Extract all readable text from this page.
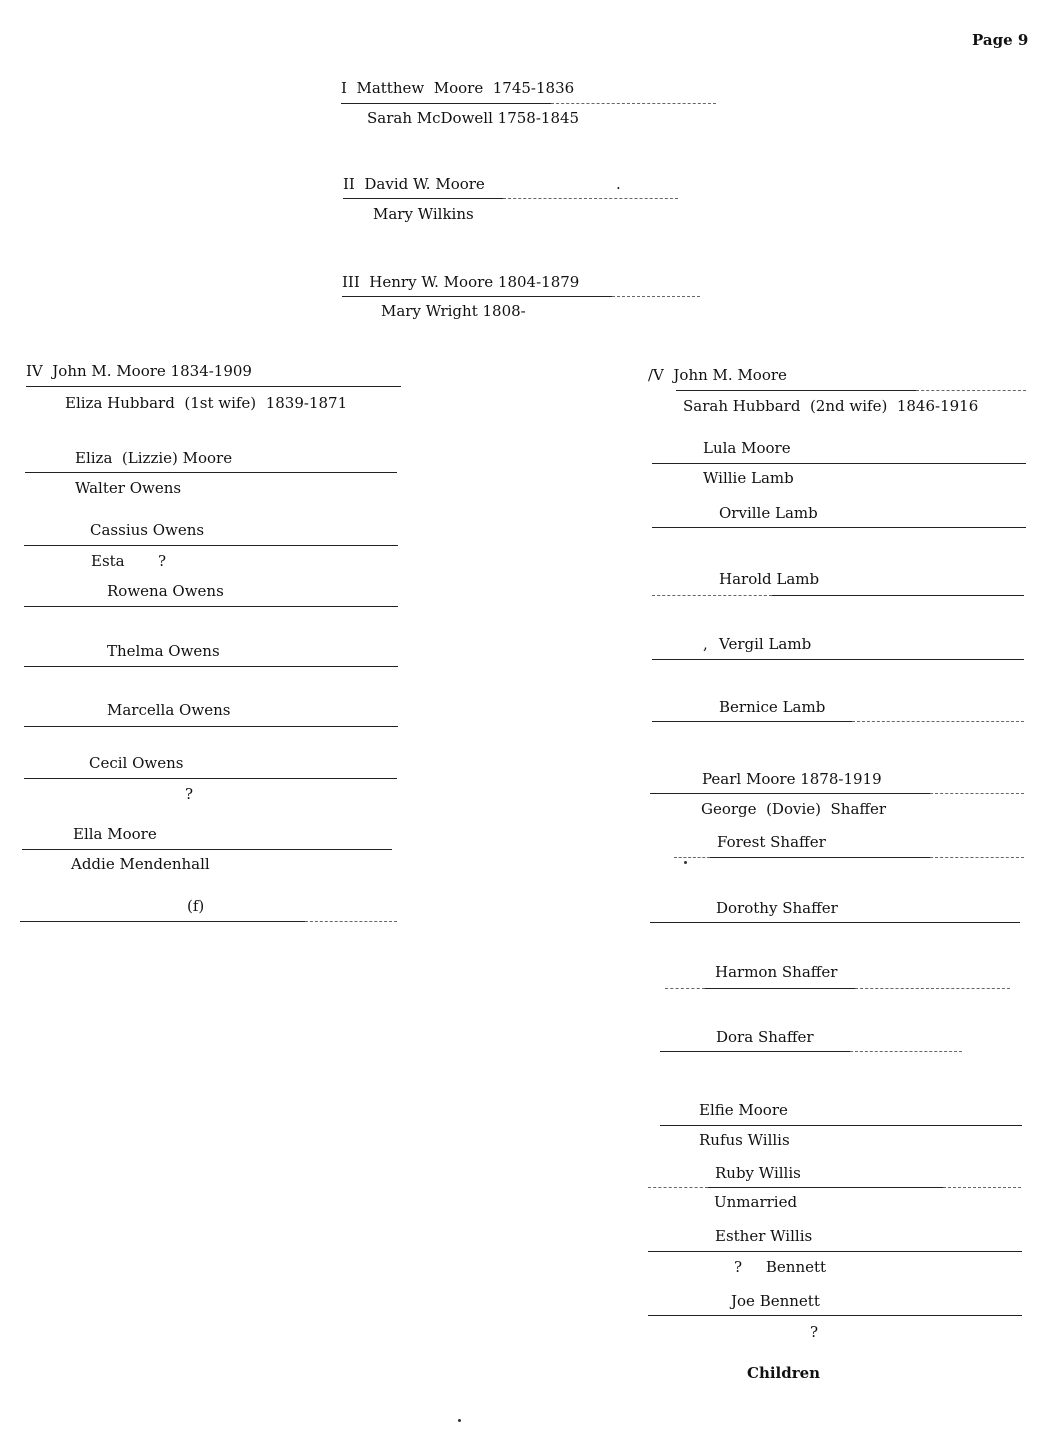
Page 9
I  Matthew  Moore  1745-1836
Sarah McDowell 1758-1845
II  David W. Moore	.
Mary Wilkins
III  Henry W. Moore 1804-1879
Mary Wright 1808-
IV  John M. Moore 1834-1909
Eliza Hubbard  (1st wife)  1839-1871
Eliza  (Lizzie) Moore
Walter Owens
Cassius Owens
Esta       ?
Rowena Owens
Thelma Owens
Marcella Owens
Cecil Owens
?
Ella Moore
Addie Mendenhall
(f)
/V  John M. Moore
Sarah Hubbard  (2nd wife)  1846-1916
Lula Moore
Willie Lamb
Orville Lamb
Harold Lamb
, Vergil Lamb
Bernice Lamb
Pearl Moore 1878-1919
George  (Dovie)  Shaffer
Forest Shaffer
Dorothy Shaffer
Harmon Shaffer
Dora Shaffer
Elfie Moore
Rufus Willis
Ruby Willis
Unmarried
Esther Willis
?     Bennett
Joe Bennett
?
Children
